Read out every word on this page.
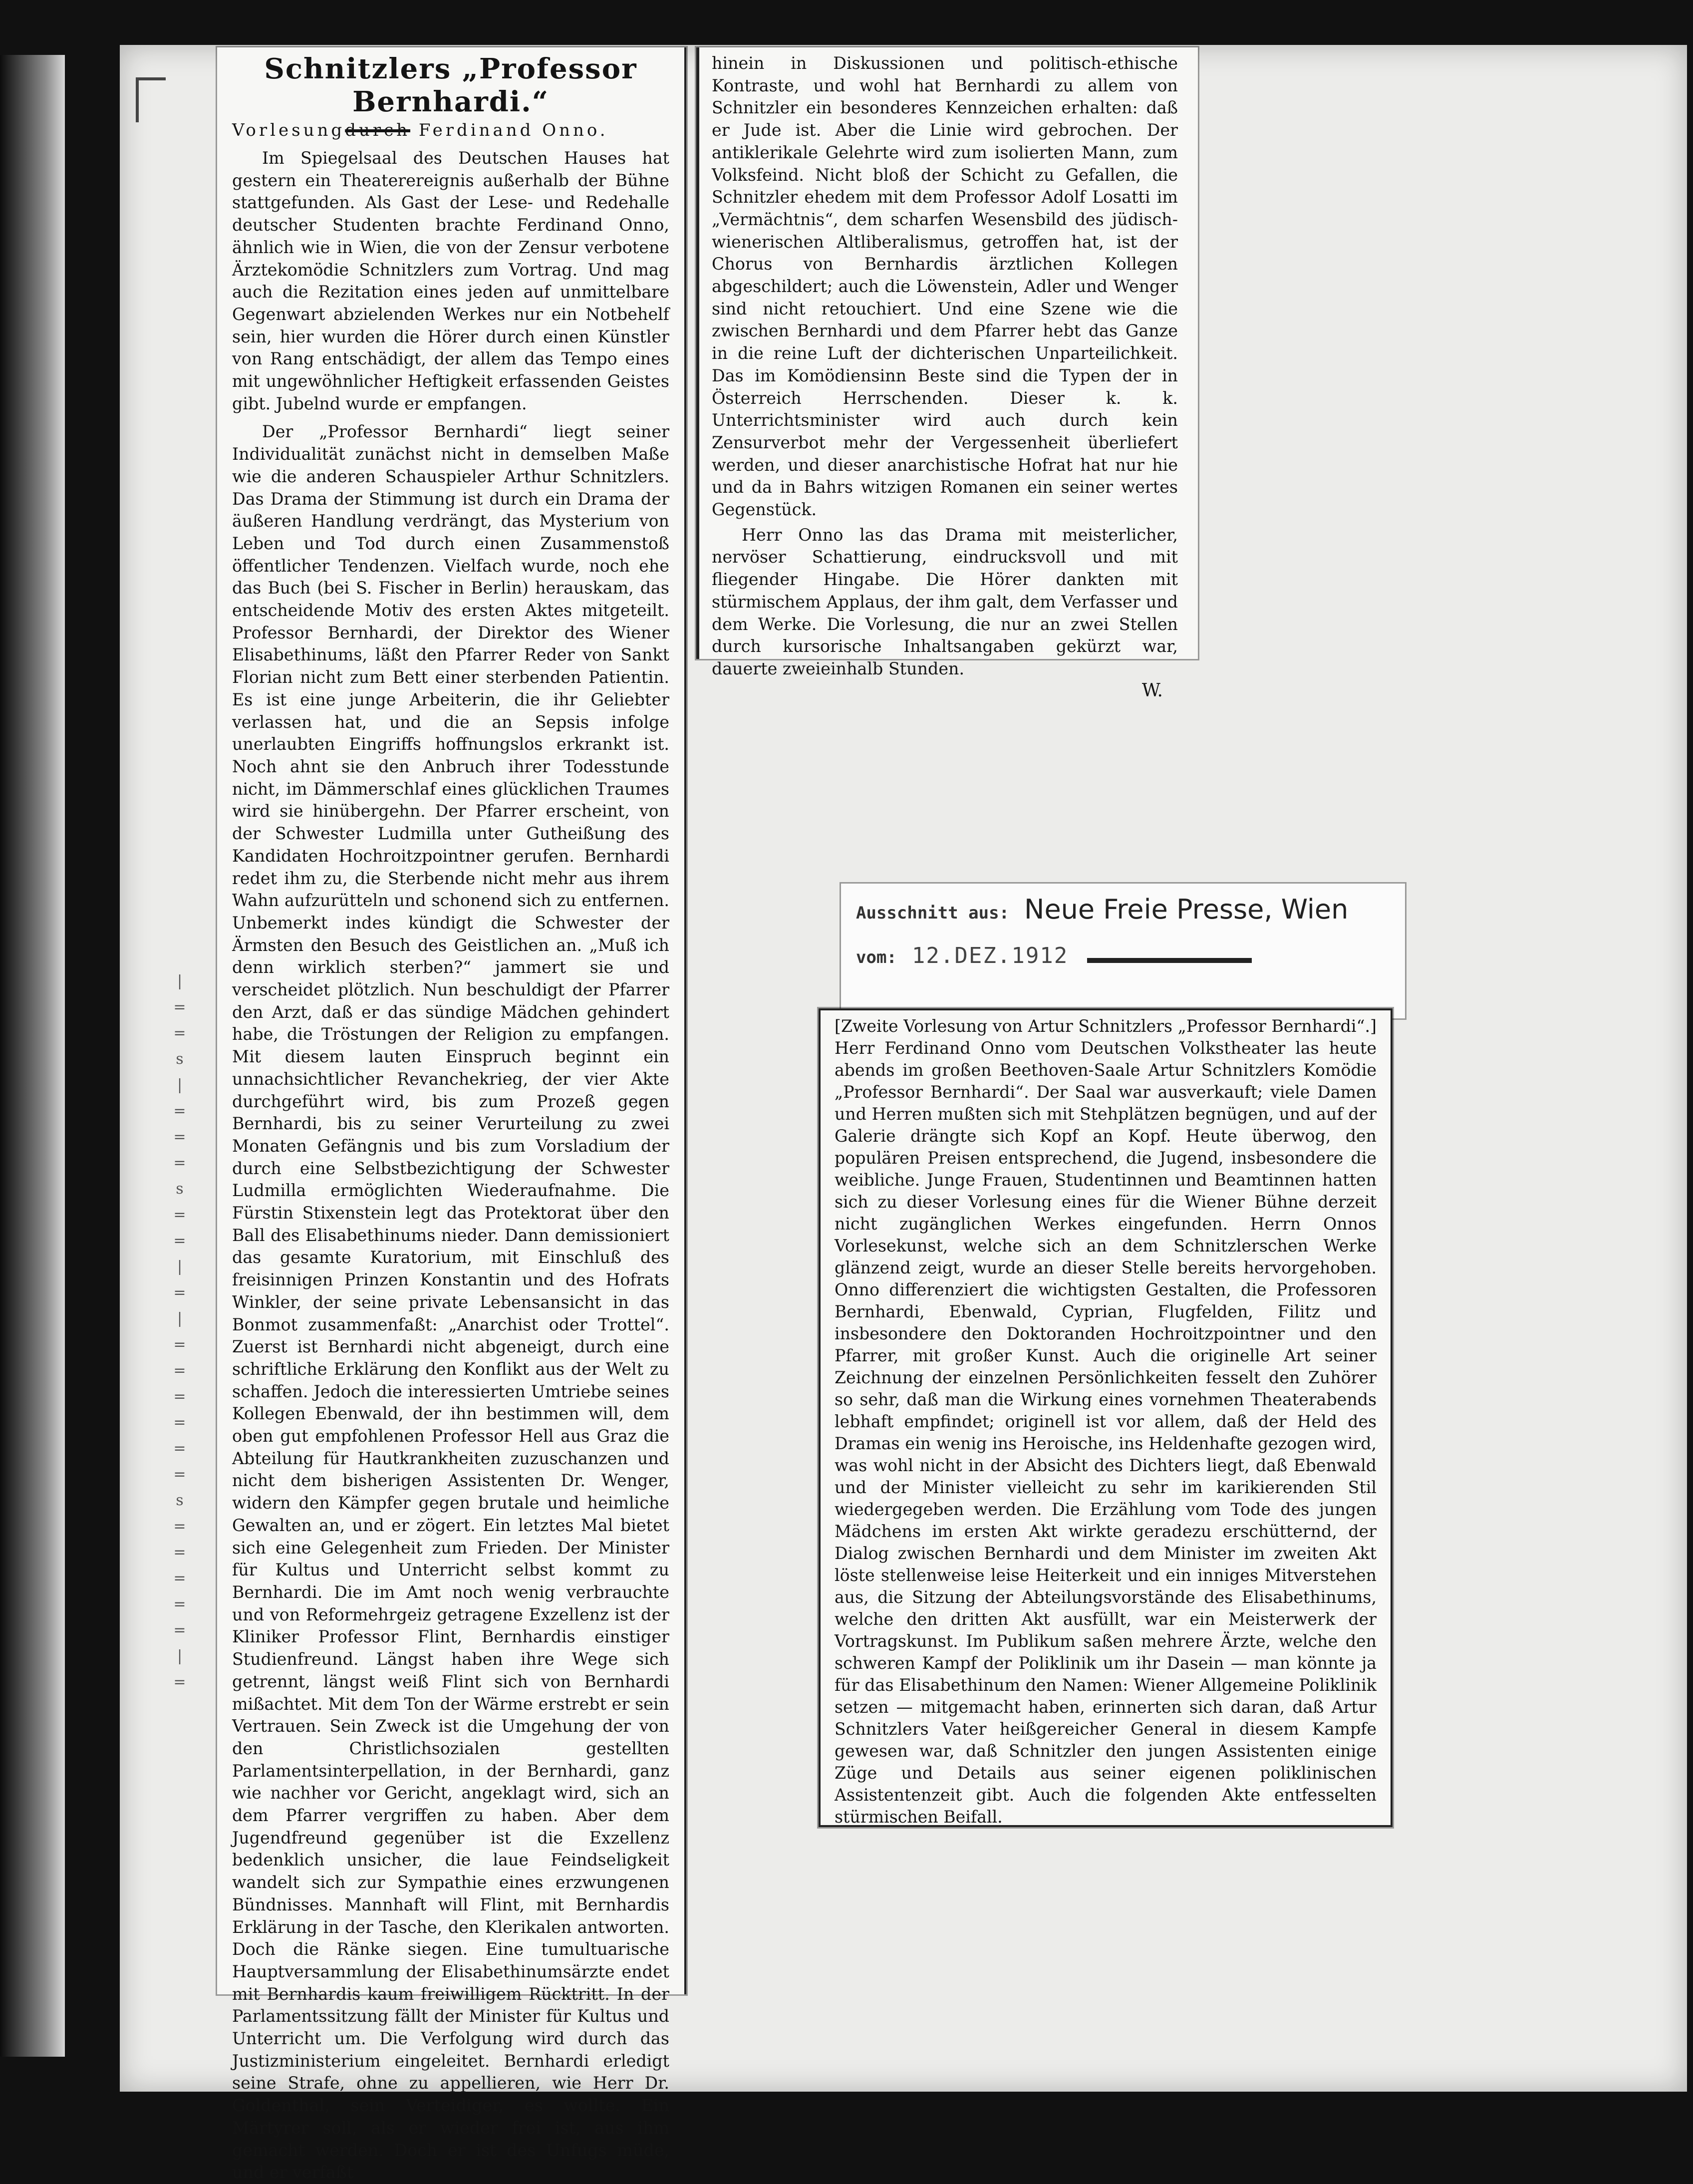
|
=
=
s
|
=
=
=
s
=
=
|
=
|
=
=
=
=
=
=
s
=
=
=
=
=
|
=
Schnitzlers „Professor Bernhardi.“
Vorlesungdurch Ferdinand Onno.

Im Spiegelsaal des Deutschen Hauses hat gestern ein Theaterereignis außerhalb der Bühne stattgefunden. Als Gast der Lese- und Redehalle deutscher Studenten brachte Ferdinand Onno, ähnlich wie in Wien, die von der Zensur verbotene Ärztekomödie Schnitzlers zum Vortrag. Und mag auch die Rezitation eines jeden auf unmittelbare Gegenwart abzielenden Werkes nur ein Notbehelf sein, hier wurden die Hörer durch einen Künstler von Rang entschädigt, der allem das Tempo eines mit ungewöhnlicher Heftigkeit erfassenden Geistes gibt. Jubelnd wurde er empfangen.

Der „Professor Bernhardi“ liegt seiner Individualität zunächst nicht in demselben Maße wie die anderen Schauspieler Arthur Schnitzlers. Das Drama der Stimmung ist durch ein Drama der äußeren Handlung verdrängt, das Mysterium von Leben und Tod durch einen Zusammenstoß öffentlicher Tendenzen. Vielfach wurde, noch ehe das Buch (bei S. Fischer in Berlin) herauskam, das entscheidende Motiv des ersten Aktes mitgeteilt. Professor Bernhardi, der Direktor des Wiener Elisabethinums, läßt den Pfarrer Reder von Sankt Florian nicht zum Bett einer sterbenden Patientin. Es ist eine junge Arbeiterin, die ihr Geliebter verlassen hat, und die an Sepsis infolge unerlaubten Eingriffs hoffnungslos erkrankt ist. Noch ahnt sie den Anbruch ihrer Todesstunde nicht, im Dämmerschlaf eines glücklichen Traumes wird sie hinübergehn. Der Pfarrer erscheint, von der Schwester Ludmilla unter Gutheißung des Kandidaten Hochroitzpointner gerufen. Bernhardi redet ihm zu, die Sterbende nicht mehr aus ihrem Wahn aufzurütteln und schonend sich zu entfernen. Unbemerkt indes kündigt die Schwester der Ärmsten den Besuch des Geistlichen an. „Muß ich denn wirklich sterben?“ jammert sie und verscheidet plötzlich. Nun beschuldigt der Pfarrer den Arzt, daß er das sündige Mädchen gehindert habe, die Tröstungen der Religion zu empfangen. Mit diesem lauten Einspruch beginnt ein unnachsichtlicher Revanchekrieg, der vier Akte durchgeführt wird, bis zum Prozeß gegen Bernhardi, bis zu seiner Verurteilung zu zwei Monaten Gefängnis und bis zum Vorsladium der durch eine Selbstbezichtigung der Schwester Ludmilla ermöglichten Wiederaufnahme. Die Fürstin Stixenstein legt das Protektorat über den Ball des Elisabethinums nieder. Dann demissioniert das gesamte Kuratorium, mit Einschluß des freisinnigen Prinzen Konstantin und des Hofrats Winkler, der seine private Lebensansicht in das Bonmot zusammenfaßt: „Anarchist oder Trottel“. Zuerst ist Bernhardi nicht abgeneigt, durch eine schriftliche Erklärung den Konflikt aus der Welt zu schaffen. Jedoch die interessierten Umtriebe seines Kollegen Ebenwald, der ihn bestimmen will, dem oben gut empfohlenen Professor Hell aus Graz die Abteilung für Hautkrankheiten zuzuschanzen und nicht dem bisherigen Assistenten Dr. Wenger, widern den Kämpfer gegen brutale und heimliche Gewalten an, und er zögert. Ein letztes Mal bietet sich eine Gelegenheit zum Frieden. Der Minister für Kultus und Unterricht selbst kommt zu Bernhardi. Die im Amt noch wenig verbrauchte und von Reformehrgeiz getragene Exzellenz ist der Kliniker Professor Flint, Bernhardis einstiger Studienfreund. Längst haben ihre Wege sich getrennt, längst weiß Flint sich von Bernhardi mißachtet. Mit dem Ton der Wärme erstrebt er sein Vertrauen. Sein Zweck ist die Umgehung der von den Christlichsozialen gestellten Parlamentsinterpellation, in der Bernhardi, ganz wie nachher vor Gericht, angeklagt wird, sich an dem Pfarrer vergriffen zu haben. Aber dem Jugendfreund gegenüber ist die Exzellenz bedenklich unsicher, die laue Feindseligkeit wandelt sich zur Sympathie eines erzwungenen Bündnisses. Mannhaft will Flint, mit Bernhardis Erklärung in der Tasche, den Klerikalen antworten. Doch die Ränke siegen. Eine tumultuarische Hauptversammlung der Elisabethinumsärzte endet mit Bernhardis kaum freiwilligem Rücktritt. In der Parlamentssitzung fällt der Minister für Kultus und Unterricht um. Die Verfolgung wird durch das Justizministerium eingeleitet. Bernhardi erledigt seine Strafe, ohne zu appellieren, wie Herr Dr. Goldenthal, sein Verteidiger, es wollte. Ein Märtyrer soll, als er wieder frei ist, aus ihm gemacht werden. Doch er ist des Unfugs müde, und er verfaßt

hinein in Diskussionen und politisch-ethische Kontraste, und wohl hat Bernhardi zu allem von Schnitzler ein besonderes Kennzeichen erhalten: daß er Jude ist. Aber die Linie wird gebrochen. Der antiklerikale Gelehrte wird zum isolierten Mann, zum Volksfeind. Nicht bloß der Schicht zu Gefallen, die Schnitzler ehedem mit dem Professor Adolf Losatti im „Vermächtnis“, dem scharfen Wesensbild des jüdisch-wienerischen Altliberalismus, getroffen hat, ist der Chorus von Bernhardis ärztlichen Kollegen abgeschildert; auch die Löwenstein, Adler und Wenger sind nicht retouchiert. Und eine Szene wie die zwischen Bernhardi und dem Pfarrer hebt das Ganze in die reine Luft der dichterischen Unparteilichkeit. Das im Komödiensinn Beste sind die Typen der in Österreich Herrschenden. Dieser k. k. Unterrichtsminister wird auch durch kein Zensurverbot mehr der Vergessenheit überliefert werden, und dieser anarchistische Hofrat hat nur hie und da in Bahrs witzigen Romanen ein seiner wertes Gegenstück.

Herr Onno las das Drama mit meisterlicher, nervöser Schattierung, eindrucksvoll und mit fliegender Hingabe. Die Hörer dankten mit stürmischem Applaus, der ihm galt, dem Verfasser und dem Werke. Die Vorlesung, die nur an zwei Stellen durch kursorische Inhaltsangaben gekürzt war, dauerte zweieinhalb Stunden.

W.
Ausschnitt aus: Neue Freie Presse, Wien
vom: 12.DEZ.1912

[Zweite Vorlesung von Artur Schnitzlers „Professor Bernhardi“.] Herr Ferdinand Onno vom Deutschen Volkstheater las heute abends im großen Beethoven-Saale Artur Schnitzlers Komödie „Professor Bernhardi“. Der Saal war ausverkauft; viele Damen und Herren mußten sich mit Stehplätzen begnügen, und auf der Galerie drängte sich Kopf an Kopf. Heute überwog, den populären Preisen entsprechend, die Jugend, insbesondere die weibliche. Junge Frauen, Studentinnen und Beamtinnen hatten sich zu dieser Vorlesung eines für die Wiener Bühne derzeit nicht zugänglichen Werkes eingefunden. Herrn Onnos Vorlesekunst, welche sich an dem Schnitzlerschen Werke glänzend zeigt, wurde an dieser Stelle bereits hervorgehoben. Onno differenziert die wichtigsten Gestalten, die Professoren Bernhardi, Ebenwald, Cyprian, Flugfelden, Filitz und insbesondere den Doktoranden Hochroitzpointner und den Pfarrer, mit großer Kunst. Auch die originelle Art seiner Zeichnung der einzelnen Persönlichkeiten fesselt den Zuhörer so sehr, daß man die Wirkung eines vornehmen Theaterabends lebhaft empfindet; originell ist vor allem, daß der Held des Dramas ein wenig ins Heroische, ins Heldenhafte gezogen wird, was wohl nicht in der Absicht des Dichters liegt, daß Ebenwald und der Minister vielleicht zu sehr im karikierenden Stil wiedergegeben werden. Die Erzählung vom Tode des jungen Mädchens im ersten Akt wirkte geradezu erschütternd, der Dialog zwischen Bernhardi und dem Minister im zweiten Akt löste stellenweise leise Heiterkeit und ein inniges Mitverstehen aus, die Sitzung der Abteilungsvorstände des Elisabethinums, welche den dritten Akt ausfüllt, war ein Meisterwerk der Vortragskunst. Im Publikum saßen mehrere Ärzte, welche den schweren Kampf der Poliklinik um ihr Dasein — man könnte ja für das Elisabethinum den Namen: Wiener Allgemeine Poliklinik setzen — mitgemacht haben, erinnerten sich daran, daß Artur Schnitzlers Vater heißgereicher General in diesem Kampfe gewesen war, daß Schnitzler den jungen Assistenten einige Züge und Details aus seiner eigenen poliklinischen Assistentenzeit gibt. Auch die folgenden Akte entfesselten stürmischen Beifall.
